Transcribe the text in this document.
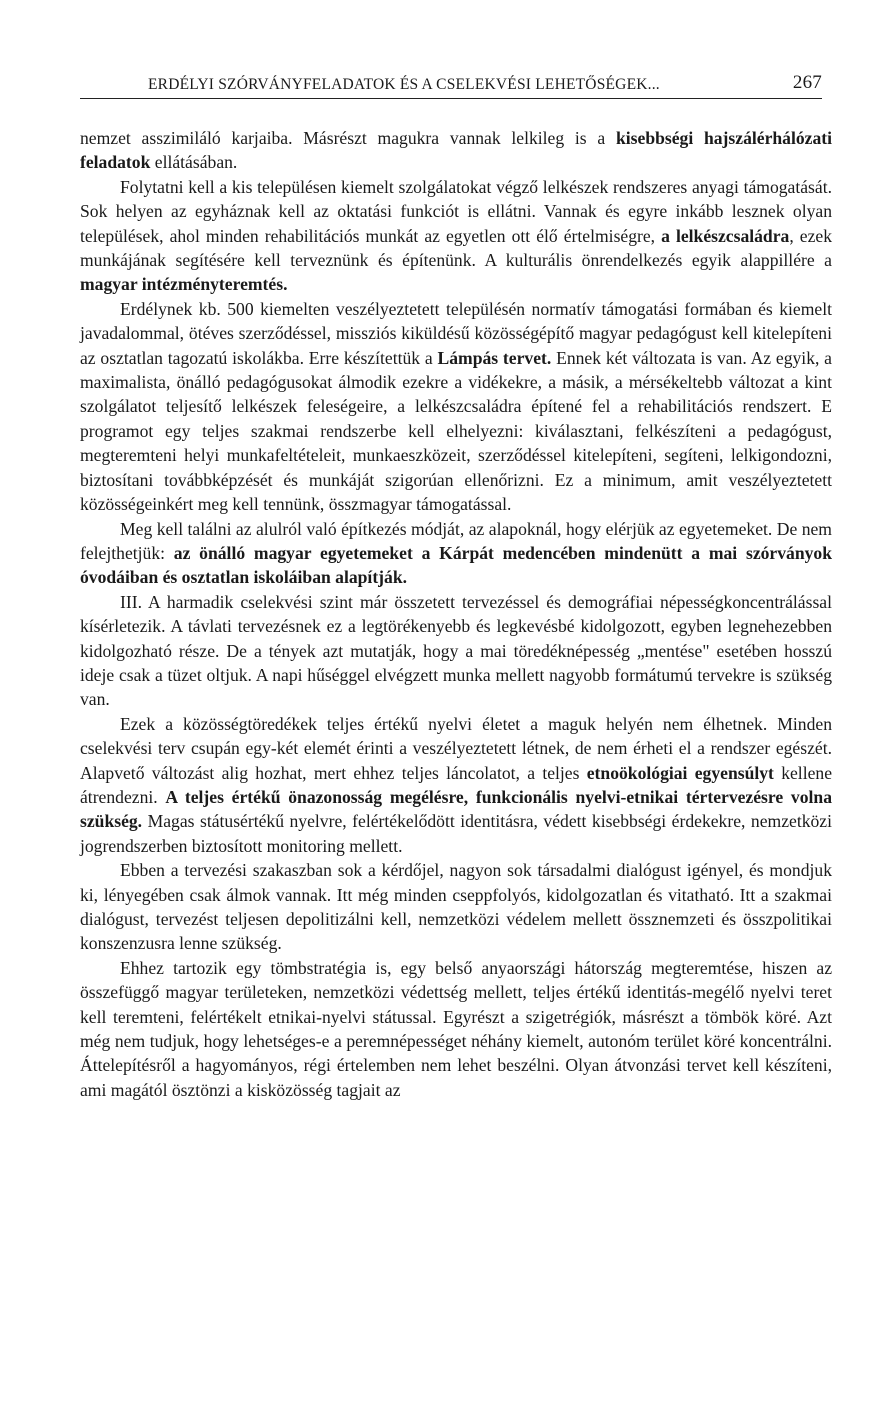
ERDÉLYI SZÓRVÁNYFELADATOK ÉS A CSELEKVÉSI LEHETŐSÉGEK...	267

nemzet asszimiláló karjaiba. Másrészt magukra vannak lelkileg is a kisebbségi hajszálérhálózati feladatok ellátásában.

Folytatni kell a kis településen kiemelt szolgálatokat végző lelkészek rendszeres anyagi támogatását. Sok helyen az egyháznak kell az oktatási funkciót is ellátni. Vannak és egyre inkább lesznek olyan települések, ahol minden rehabilitációs munkát az egyetlen ott élő értelmiségre, a lelkészcsaládra, ezek munkájának segítésére kell terveznünk és építenünk. A kulturális önrendelkezés egyik alappillére a magyar intézményteremtés.

Erdélynek kb. 500 kiemelten veszélyeztetett településén normatív támogatási formában és kiemelt javadalommal, ötéves szerződéssel, missziós kiküldésű közösségépítő magyar pedagógust kell kitelepíteni az osztatlan tagozatú iskolákba. Erre készítettük a Lámpás tervet. Ennek két változata is van. Az egyik, a maximalista, önálló pedagógusokat álmodik ezekre a vidékekre, a másik, a mérsékeltebb változat a kint szolgálatot teljesítő lelkészek feleségeire, a lelkészcsaládra építené fel a rehabilitációs rendszert. E programot egy teljes szakmai rendszerbe kell elhelyezni: kiválasztani, felkészíteni a pedagógust, megteremteni helyi munkafeltételeit, munkaeszközeit, szerződéssel kitelepíteni, segíteni, lelkigondozni, biztosítani továbbképzését és munkáját szigorúan ellenőrizni. Ez a minimum, amit veszélyeztetett közösségeinkért meg kell tennünk, összmagyar támogatással.

Meg kell találni az alulról való építkezés módját, az alapoknál, hogy elérjük az egyetemeket. De nem felejthetjük: az önálló magyar egyetemeket a Kárpát medencében mindenütt a mai szórványok óvodáiban és osztatlan iskoláiban alapítják.

III. A harmadik cselekvési szint már összetett tervezéssel és demográfiai népességkoncentrálással kísérletezik. A távlati tervezésnek ez a legtörékenyebb és legkevésbé kidolgozott, egyben legnehezebben kidolgozható része. De a tények azt mutatják, hogy a mai töredéknépesség „mentése" esetében hosszú ideje csak a tüzet oltjuk. A napi hűséggel elvégzett munka mellett nagyobb formátumú tervekre is szükség van.

Ezek a közösségtöredékek teljes értékű nyelvi életet a maguk helyén nem élhetnek. Minden cselekvési terv csupán egy-két elemét érinti a veszélyeztetett létnek, de nem érheti el a rendszer egészét. Alapvető változást alig hozhat, mert ehhez teljes láncolatot, a teljes etnoökológiai egyensúlyt kellene átrendezni. A teljes értékű önazonosság megélésre, funkcionális nyelvi-etnikai tértervezésre volna szükség. Magas státusértékű nyelvre, felértékelődött identitásra, védett kisebbségi érdekekre, nemzetközi jogrendszerben biztosított monitoring mellett.

Ebben a tervezési szakaszban sok a kérdőjel, nagyon sok társadalmi dialógust igényel, és mondjuk ki, lényegében csak álmok vannak. Itt még minden cseppfolyós, kidolgozatlan és vitatható. Itt a szakmai dialógust, tervezést teljesen depolitizálni kell, nemzetközi védelem mellett össznemzeti és összpolitikai konszenzusra lenne szükség.

Ehhez tartozik egy tömbstratégia is, egy belső anyaországi hátország megteremtése, hiszen az összefüggő magyar területeken, nemzetközi védettség mellett, teljes értékű identitás-megélő nyelvi teret kell teremteni, felértékelt etnikai-nyelvi státussal. Egyrészt a szigetrégiók, másrészt a tömbök köré. Azt még nem tudjuk, hogy lehetséges-e a peremnépességet néhány kiemelt, autonóm terület köré koncentrálni. Áttelepítésről a hagyományos, régi értelemben nem lehet beszélni. Olyan átvonzási tervet kell készíteni, ami magától ösztönzi a kisközösség tagjait az
